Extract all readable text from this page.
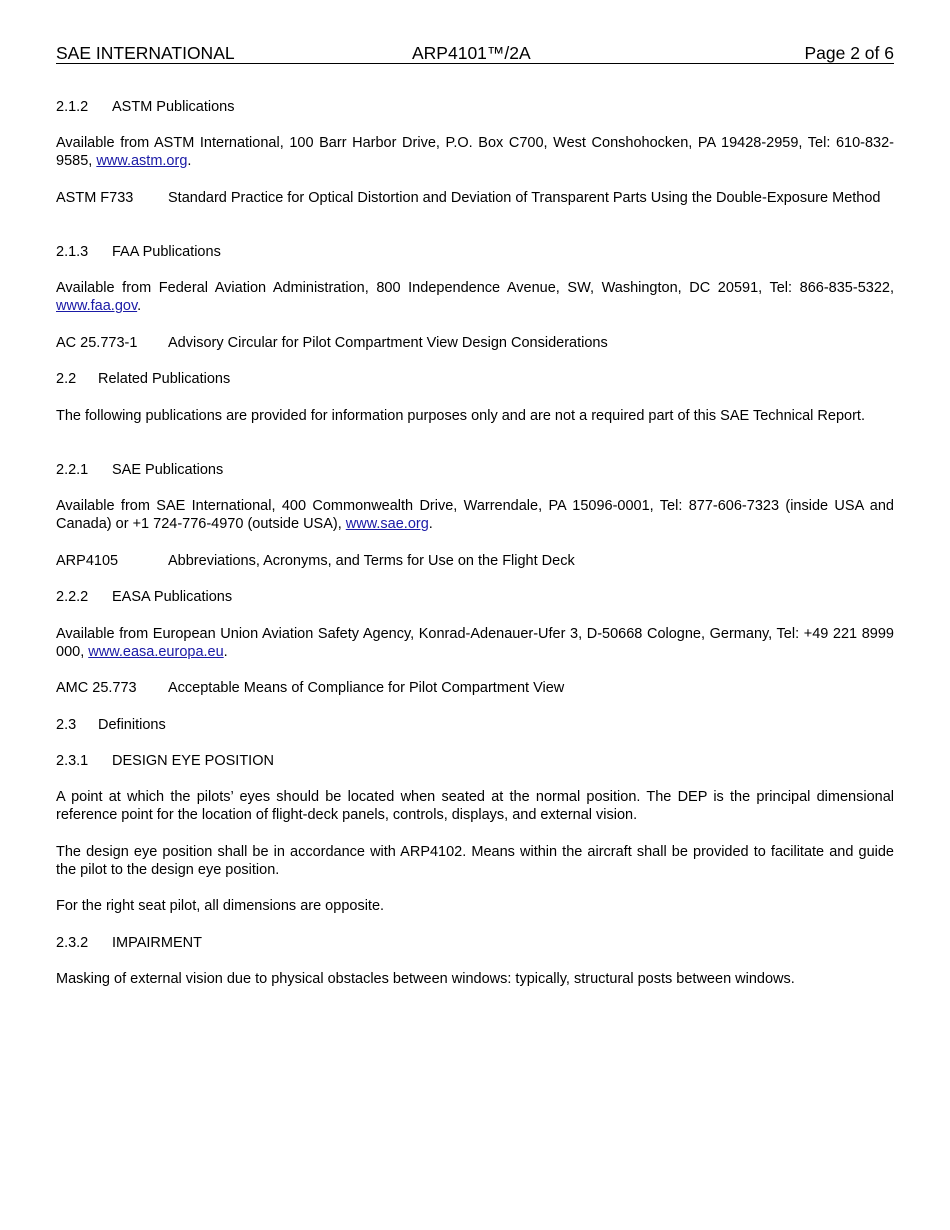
SAE INTERNATIONAL	ARP4101™/2A	Page 2 of 6
2.1.2 ASTM Publications
Available from ASTM International, 100 Barr Harbor Drive, P.O. Box C700, West Conshohocken, PA 19428-2959, Tel: 610-832-9585, www.astm.org.
ASTM F733	Standard Practice for Optical Distortion and Deviation of Transparent Parts Using the Double-Exposure Method
2.1.3 FAA Publications
Available from Federal Aviation Administration, 800 Independence Avenue, SW, Washington, DC 20591, Tel: 866-835-5322, www.faa.gov.
AC 25.773-1	Advisory Circular for Pilot Compartment View Design Considerations
2.2 Related Publications
The following publications are provided for information purposes only and are not a required part of this SAE Technical Report.
2.2.1 SAE Publications
Available from SAE International, 400 Commonwealth Drive, Warrendale, PA 15096-0001, Tel: 877-606-7323 (inside USA and Canada) or +1 724-776-4970 (outside USA), www.sae.org.
ARP4105	Abbreviations, Acronyms, and Terms for Use on the Flight Deck
2.2.2 EASA Publications
Available from European Union Aviation Safety Agency, Konrad-Adenauer-Ufer 3, D-50668 Cologne, Germany, Tel: +49 221 8999 000, www.easa.europa.eu.
AMC 25.773	Acceptable Means of Compliance for Pilot Compartment View
2.3 Definitions
2.3.1 DESIGN EYE POSITION
A point at which the pilots’ eyes should be located when seated at the normal position. The DEP is the principal dimensional reference point for the location of flight-deck panels, controls, displays, and external vision.
The design eye position shall be in accordance with ARP4102. Means within the aircraft shall be provided to facilitate and guide the pilot to the design eye position.
For the right seat pilot, all dimensions are opposite.
2.3.2 IMPAIRMENT
Masking of external vision due to physical obstacles between windows: typically, structural posts between windows.
